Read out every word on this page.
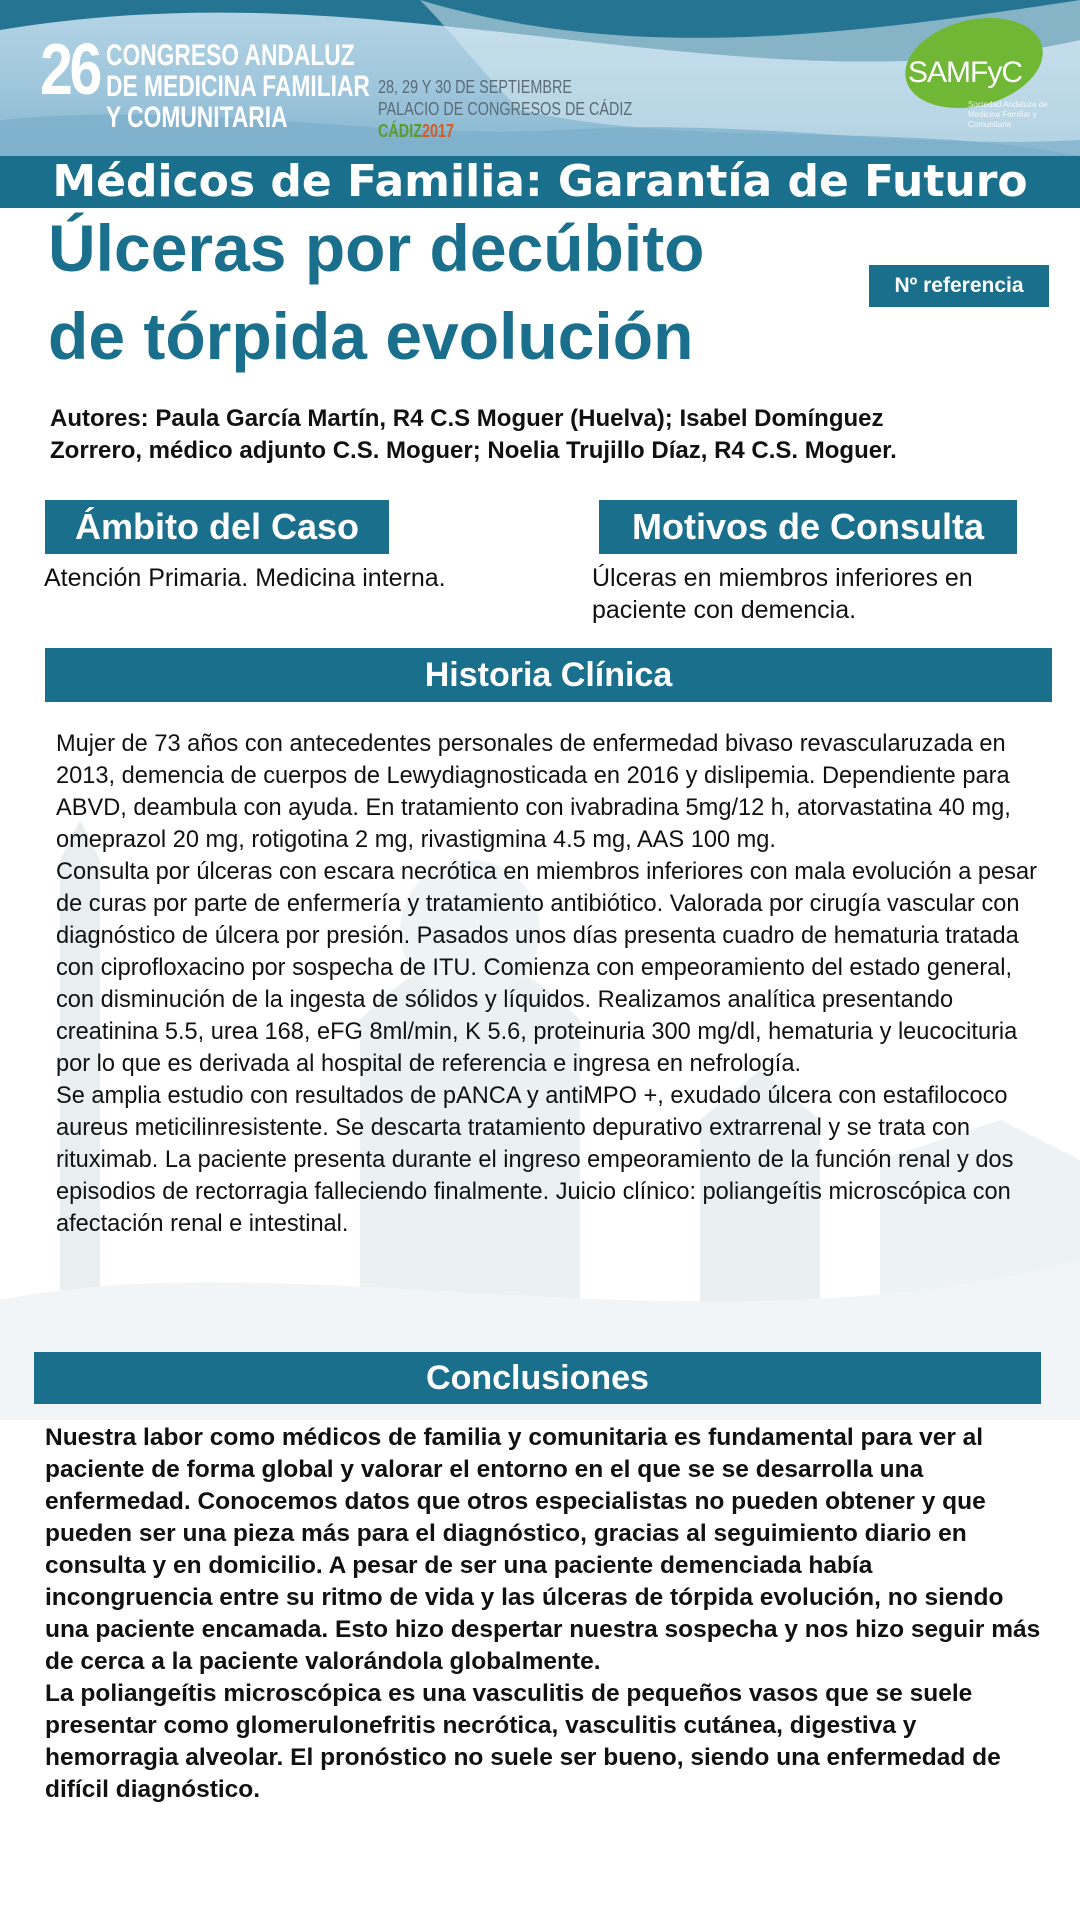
26 CONGRESO ANDALUZ
DE MEDICINA FAMILIAR
Y COMUNITARIA
28, 29 Y 30 DE SEPTIEMBRE
PALACIO DE CONGRESOS DE CÁDIZ
CÁDIZ2017
SAMFyC
Sociedad Andaluza de Medicina Familiar y Comunitaria
Médicos de Familia: Garantía de Futuro
Úlceras por decúbito
de tórpida evolución
Nº referencia
Autores: Paula García Martín, R4 C.S Moguer (Huelva); Isabel Domínguez
Zorrero, médico adjunto C.S. Moguer; Noelia Trujillo Díaz, R4 C.S. Moguer.
Ámbito del Caso
Atención Primaria. Medicina interna.
Motivos de Consulta
Úlceras en miembros inferiores en
paciente con demencia.
Historia Clínica

Mujer de 73 años con antecedentes personales de enfermedad bivaso revascularuzada en 2013, demencia de cuerpos de Lewydiagnosticada en 2016 y dislipemia. Dependiente para ABVD, deambula con ayuda. En tratamiento con ivabradina 5mg/12 h, atorvastatina 40 mg, omeprazol 20 mg, rotigotina 2 mg, rivastigmina 4.5 mg, AAS 100 mg.

Consulta por úlceras con escara necrótica en miembros inferiores con mala evolución a pesar de curas por parte de enfermería y tratamiento antibiótico. Valorada por cirugía vascular con diagnóstico de úlcera por presión. Pasados unos días presenta cuadro de hematuria tratada con ciprofloxacino por sospecha de ITU. Comienza con empeoramiento del estado general, con disminución de la ingesta de sólidos y líquidos. Realizamos analítica presentando creatinina 5.5, urea 168, eFG 8ml/min, K 5.6, proteinuria 300 mg/dl, hematuria y leucocituria por lo que es derivada al hospital de referencia e ingresa en nefrología.

Se amplia estudio con resultados de pANCA y antiMPO +, exudado úlcera con estafilococo aureus meticilinresistente. Se descarta tratamiento depurativo extrarrenal y se trata con rituximab. La paciente presenta durante el ingreso empeoramiento de la función renal y dos episodios de rectorragia falleciendo finalmente. Juicio clínico: poliangeítis microscópica con afectación renal e intestinal.

Conclusiones

Nuestra labor como médicos de familia y comunitaria es fundamental para ver al paciente de forma global y valorar el entorno en el que se se desarrolla una enfermedad. Conocemos datos que otros especialistas no pueden obtener y que pueden ser una pieza más para el diagnóstico, gracias al seguimiento diario en consulta y en domicilio. A pesar de ser una paciente demenciada había incongruencia entre su ritmo de vida y las úlceras de tórpida evolución, no siendo una paciente encamada. Esto hizo despertar nuestra sospecha y nos hizo seguir más de cerca a la paciente valorándola globalmente.

La poliangeítis microscópica es una vasculitis de pequeños vasos que se suele presentar como glomerulonefritis necrótica, vasculitis cutánea, digestiva y hemorragia alveolar. El pronóstico no suele ser bueno, siendo una enfermedad de difícil diagnóstico.
